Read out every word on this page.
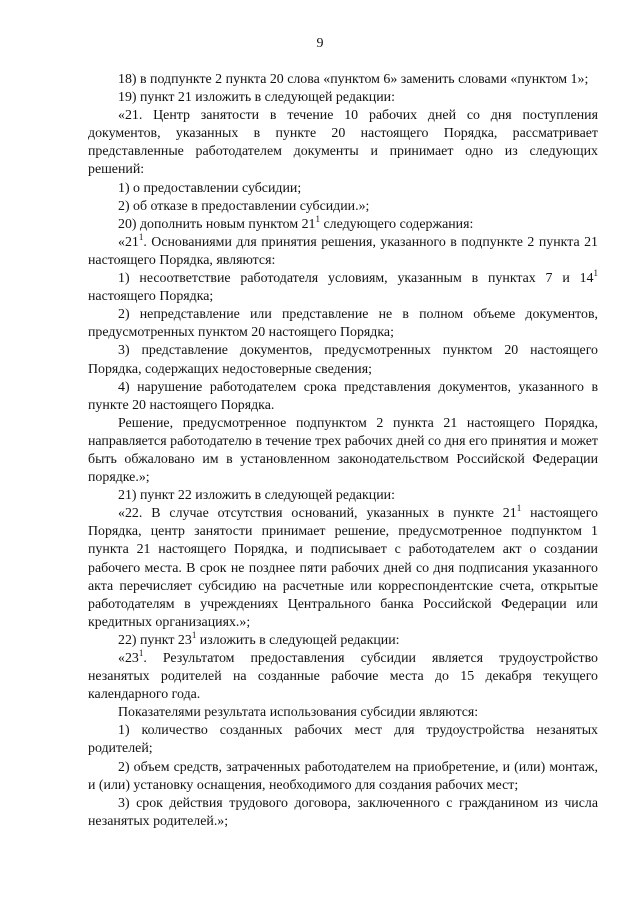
9

18) в подпункте 2 пункта 20 слова «пунктом 6» заменить словами «пунктом 1»;

19) пункт 21 изложить в следующей редакции:

«21. Центр занятости в течение 10 рабочих дней со дня поступления документов, указанных в пункте 20 настоящего Порядка, рассматривает представленные работодателем документы и принимает одно из следующих решений:

1) о предоставлении субсидии;

2) об отказе в предоставлении субсидии.»;

20) дополнить новым пунктом $21^1$ следующего содержания:

«$21^1$. Основаниями для принятия решения, указанного в подпункте 2 пункта 21 настоящего Порядка, являются:

1) несоответствие работодателя условиям, указанным в пунктах 7 и $14^1$ настоящего Порядка;

2) непредставление или представление не в полном объеме документов, предусмотренных пунктом 20 настоящего Порядка;

3) представление документов, предусмотренных пунктом 20 настоящего Порядка, содержащих недостоверные сведения;

4) нарушение работодателем срока представления документов, указанного в пункте 20 настоящего Порядка.

Решение, предусмотренное подпунктом 2 пункта 21 настоящего Порядка, направляется работодателю в течение трех рабочих дней со дня его принятия и может быть обжаловано им в установленном законодательством Российской Федерации порядке.»;

21) пункт 22 изложить в следующей редакции:

«22. В случае отсутствия оснований, указанных в пункте $21^1$ настоящего Порядка, центр занятости принимает решение, предусмотренное подпунктом 1 пункта 21 настоящего Порядка, и подписывает с работодателем акт о создании рабочего места. В срок не позднее пяти рабочих дней со дня подписания указанного акта перечисляет субсидию на расчетные или корреспондентские счета, открытые работодателям в учреждениях Центрального банка Российской Федерации или кредитных организациях.»;

22) пункт $23^1$ изложить в следующей редакции:

«$23^1$. Результатом предоставления субсидии является трудоустройство незанятых родителей на созданные рабочие места до 15 декабря текущего календарного года.

Показателями результата использования субсидии являются:

1) количество созданных рабочих мест для трудоустройства незанятых родителей;

2) объем средств, затраченных работодателем на приобретение, и (или) монтаж, и (или) установку оснащения, необходимого для создания рабочих мест;

3) срок действия трудового договора, заключенного с гражданином из числа незанятых родителей.»;
